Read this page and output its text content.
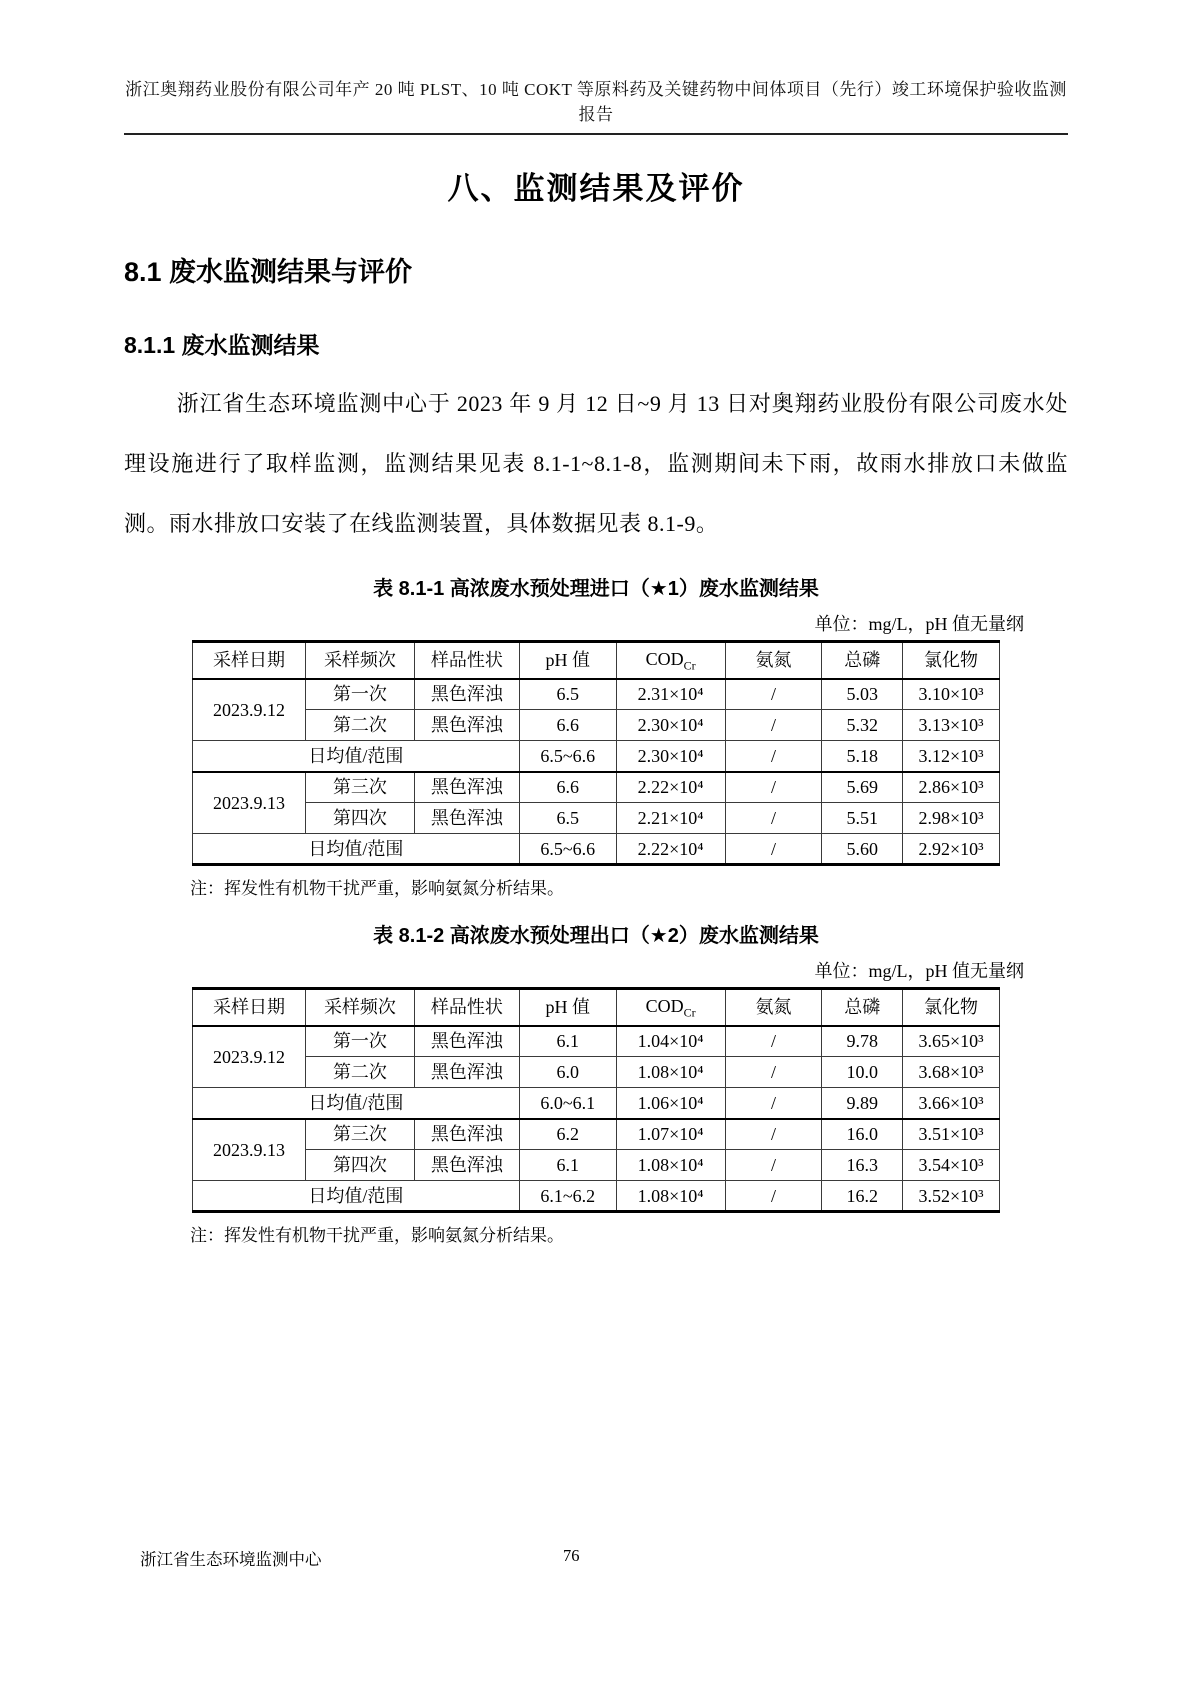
浙江奥翔药业股份有限公司年产 20 吨 PLST、10 吨 COKT 等原料药及关键药物中间体项目（先行）竣工环境保护验收监测报告
八、监测结果及评价
8.1 废水监测结果与评价
8.1.1 废水监测结果

浙江省生态环境监测中心于 2023 年 9 月 12 日~9 月 13 日对奥翔药业股份有限公司废水处理设施进行了取样监测，监测结果见表 8.1-1~8.1-8，监测期间未下雨，故雨水排放口未做监测。雨水排放口安装了在线监测装置，具体数据见表 8.1-9。

表 8.1-1 高浓废水预处理进口（★1）废水监测结果
单位：mg/L，pH 值无量纲
采样日期	采样频次	样品性状	pH 值	$COD_{Cr}$	氨氮	总磷	氯化物
2023.9.12	第一次	黑色浑浊	6.5	2.31×10⁴	/	5.03	3.10×10³
	第二次	黑色浑浊	6.6	2.30×10⁴	/	5.32	3.13×10³
日均值/范围			6.5~6.6	2.30×10⁴	/	5.18	3.12×10³
2023.9.13	第三次	黑色浑浊	6.6	2.22×10⁴	/	5.69	2.86×10³
	第四次	黑色浑浊	6.5	2.21×10⁴	/	5.51	2.98×10³
日均值/范围			6.5~6.6	2.22×10⁴	/	5.60	2.92×10³
注：挥发性有机物干扰严重，影响氨氮分析结果。
表 8.1-2 高浓废水预处理出口（★2）废水监测结果
单位：mg/L，pH 值无量纲
采样日期	采样频次	样品性状	pH 值	$COD_{Cr}$	氨氮	总磷	氯化物
2023.9.12	第一次	黑色浑浊	6.1	1.04×10⁴	/	9.78	3.65×10³
	第二次	黑色浑浊	6.0	1.08×10⁴	/	10.0	3.68×10³
日均值/范围			6.0~6.1	1.06×10⁴	/	9.89	3.66×10³
2023.9.13	第三次	黑色浑浊	6.2	1.07×10⁴	/	16.0	3.51×10³
	第四次	黑色浑浊	6.1	1.08×10⁴	/	16.3	3.54×10³
日均值/范围			6.1~6.2	1.08×10⁴	/	16.2	3.52×10³
注：挥发性有机物干扰严重，影响氨氮分析结果。
浙江省生态环境监测中心	76
